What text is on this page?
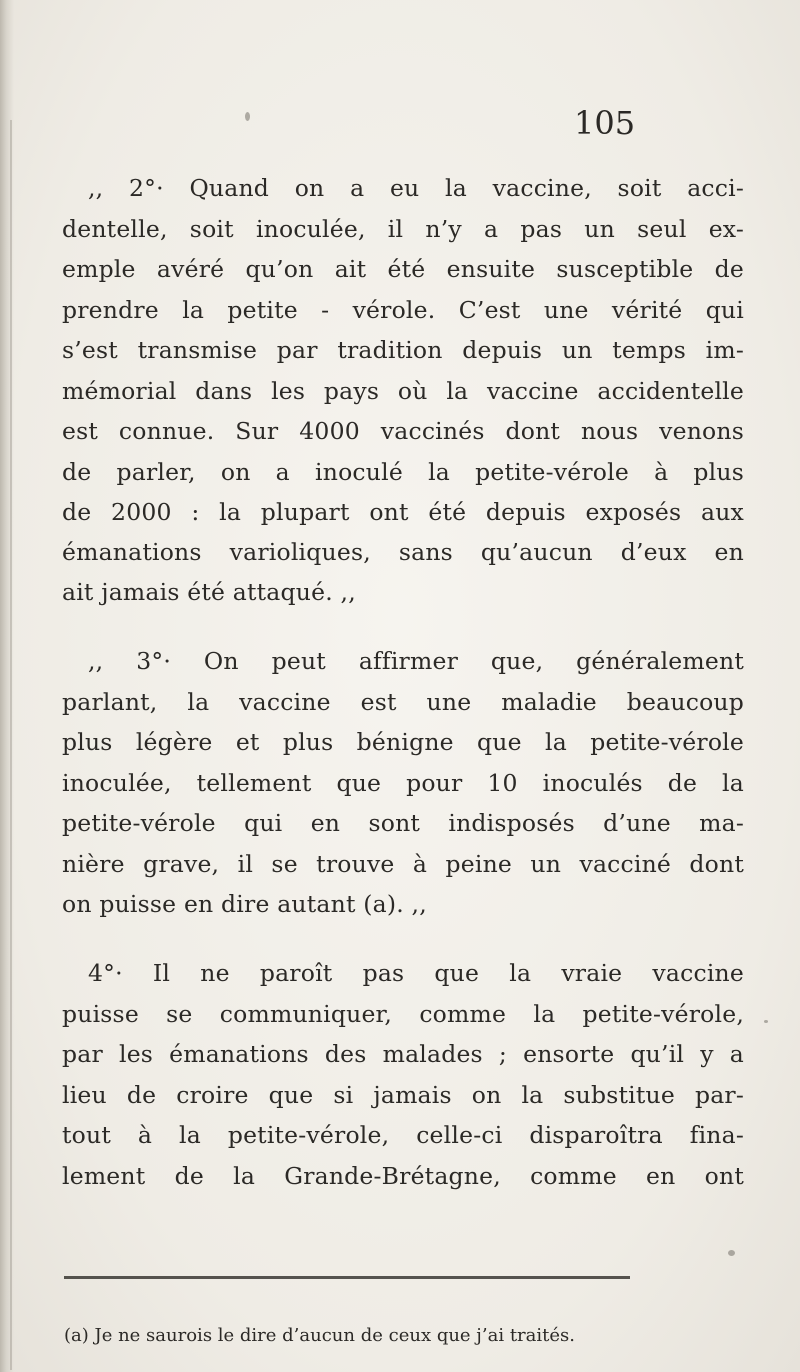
105
,, 2°· Quand on a eu la vaccine, soit acci-
dentelle, soit inoculée, il n’y a pas un seul ex-
emple avéré qu’on ait été ensuite susceptible de
prendre la petite - vérole. C’est une vérité qui
s’est transmise par tradition depuis un temps im-
mémorial dans les pays où la vaccine accidentelle
est connue. Sur 4000 vaccinés dont nous venons
de parler, on a inoculé la petite-vérole à plus
de 2000 : la plupart ont été depuis exposés aux
émanations varioliques, sans qu’aucun d’eux en
ait jamais été attaqué. ,,
,, 3°· On peut affirmer que, généralement
parlant, la vaccine est une maladie beaucoup
plus légère et plus bénigne que la petite-vérole
inoculée, tellement que pour 10 inoculés de la
petite-vérole qui en sont indisposés d’une ma-
nière grave, il se trouve à peine un vacciné dont
on puisse en dire autant (a). ,,
4°· Il ne paroît pas que la vraie vaccine
puisse se communiquer, comme la petite-vérole,
par les émanations des malades ; ensorte qu’il y a
lieu de croire que si jamais on la substitue par-
tout à la petite-vérole, celle-ci disparoîtra fina-
lement de la Grande-Brétagne, comme en ont
(a) Je ne saurois le dire d’aucun de ceux que j’ai traités.
